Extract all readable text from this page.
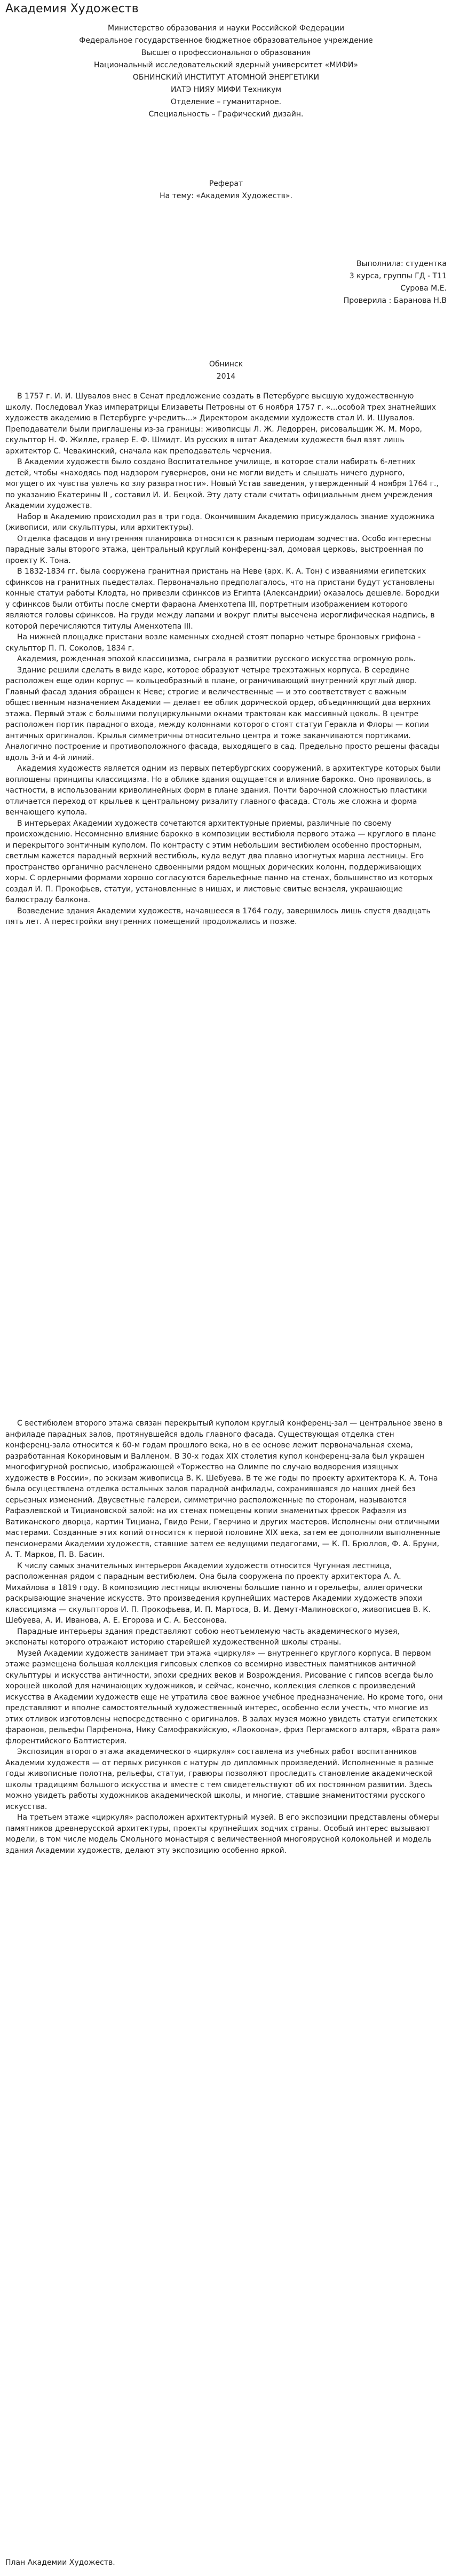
Академия Художеств
Министерство образования и науки Российской Федерации
Федеральное государственное бюджетное образовательное учреждение
Высшего профессионального образования
Национальный исследовательский ядерный университет «МИФИ»
ОБНИНСКИЙ ИНСТИТУТ АТОМНОЙ ЭНЕРГЕТИКИ
ИАТЭ НИЯУ МИФИ Техникум
Отделение – гуманитарное.
Специальность – Графический дизайн.
Реферат
На тему: «Академия Художеств».
Выполнила: студентка
3 курса, группы ГД - Т11
Сурова М.Е.
Проверила : Баранова Н.В
Обнинск
2014

В 1757 г. И. И. Шувалов внес в Сенат предложение создать в Петербурге высшую художественную школу. Последовал Указ императрицы Елизаветы Петровны от 6 ноября 1757 г. «...особой трех знатнейших художеств академию в Петербурге учредить...» Директором академии художеств стал И. И. Шувалов. Преподаватели были приглашены из-за границы: живописцы Л. Ж. Ледоррен, рисовальщик Ж. М. Моро, скульптор Н. Ф. Жилле, гравер Е. Ф. Шмидт. Из русских в штат Академии художеств был взят лишь архитектор С. Чевакинский, сначала как преподаватель черчения.

В Академии художеств было создано Воспитательное училище, в которое стали набирать 6-летних детей, чтобы «находясь под надзором гувернеров, они не могли видеть и слышать ничего дурного, могущего их чувства увлечь ко злу развратности». Новый Устав заведения, утвержденный 4 ноября 1764 г., по указанию Екатерины II , составил И. И. Бецкой. Эту дату стали считать официальным днем учреждения Академии художеств.

Набор в Академию происходил раз в три года. Окончившим Академию присуждалось звание художника (живописи, или скульптуры, или архитектуры).

Отделка фасадов и внутренняя планировка относятся к разным периодам зодчества. Особо интересны парадные залы второго этажа, центральный круглый конференц-зал, домовая церковь, выстроенная по проекту К. Тона.

В 1832-1834 гг. была сооружена гранитная пристань на Неве (арх. К. А. Тон) с изваяниями египетских сфинксов на гранитных пьедесталах. Первоначально предполагалось, что на пристани будут установлены конные статуи работы Клодта, но привезли сфинксов из Египта (Александрии) оказалось дешевле. Бородки у сфинксов были отбиты после смерти фараона Аменхотепа III, портретным изображением которого являются головы сфинксов. На груди между лапами и вокруг плиты высечена иероглифическая надпись, в которой перечисляются титулы Аменхотепа III.

На нижней площадке пристани возле каменных сходней стоят попарно четыре бронзовых грифона - скульптор П. П. Соколов, 1834 г.

Академия, рожденная эпохой классицизма, сыграла в развитии русского искусства огромную роль.

Здание решили сделать в виде каре, которое образуют четыре трехэтажных корпуса. В середине расположен еще один корпус — кольцеобразный в плане, ограничивающий внутренний круглый двор. Главный фасад здания обращен к Неве; строгие и величественные — и это соответствует с важным общественным назначением Академии — делает ее облик дорической ордер, объединяющий два верхних этажа. Первый этаж с большими полуциркульными окнами трактован как массивный цоколь. В центре расположен портик парадного входа, между колоннами которого стоят статуи Геракла и Флоры — копии античных оригиналов. Крылья симметричны относительно центра и тоже заканчиваются портиками. Аналогично построение и противоположного фасада, выходящего в сад. Предельно просто решены фасады вдоль 3-й и 4-й линий.

Академия художеств является одним из первых петербургских сооружений, в архитектуре которых были воплощены принципы классицизма. Но в облике здания ощущается и влияние барокко. Оно проявилось, в частности, в использовании криволинейных форм в плане здания. Почти барочной сложностью пластики отличается переход от крыльев к центральному ризалиту главного фасада. Столь же сложна и форма венчающего купола.

В интерьерах Академии художеств сочетаются архитектурные приемы, различные по своему происхождению. Несомненно влияние барокко в композиции вестибюля первого этажа — круглого в плане и перекрытого зонтичным куполом. По контрасту с этим небольшим вестибюлем особенно просторным, светлым кажется парадный верхний вестибюль, куда ведут два плавно изогнутых марша лестницы. Его пространство органично расчленено сдвоенными рядом мощных дорических колонн, поддерживающих хоры. С ордерными формами хорошо согласуются барельефные панно на стенах, большинство из которых создал И. П. Прокофьев, статуи, установленные в нишах, и листовые свитые вензеля, украшающие балюстраду балкона.

Возведение здания Академии художеств, начавшееся в 1764 году, завершилось лишь спустя двадцать пять лет. А перестройки внутренних помещений продолжались и позже.

С вестибюлем второго этажа связан перекрытый куполом круглый конференц-зал — центральное звено в анфиладе парадных залов, протянувшейся вдоль главного фасада. Существующая отделка стен конференц-зала относится к 60-м годам прошлого века, но в ее основе лежит первоначальная схема, разработанная Кокориновым и Валленом. В 30-х годах XIX столетия купол конференц-зала был украшен многофигурной росписью, изображающей «Торжество на Олимпе по случаю водворения изящных художеств в России», по эскизам живописца В. К. Шебуева. В те же годы по проекту архитектора К. А. Тона была осуществлена отделка остальных залов парадной анфилады, сохранившаяся до наших дней без серьезных изменений. Двусветные галереи, симметрично расположенные по сторонам, называются Рафаэлевской и Тициановской залой: на их стенах помещены копии знаменитых фресок Рафаэля из Ватиканского дворца, картин Тициана, Гвидо Рени, Гверчино и других мастеров. Исполнены они отличными мастерами. Созданные этих копий относится к первой половине XIX века, затем ее дополнили выполненные пенсионерами Академии художеств, ставшие затем ее ведущими педагогами, — К. П. Брюллов, Ф. А. Бруни, А. Т. Марков, П. В. Басин.

К числу самых значительных интерьеров Академии художеств относится Чугунная лестница, расположенная рядом с парадным вестибюлем. Она была сооружена по проекту архитектора А. А. Михайлова в 1819 году. В композицию лестницы включены большие панно и горельефы, аллегорически раскрывающие значение искусств. Это произведения крупнейших мастеров Академии художеств эпохи классицизма — скульпторов И. П. Прокофьева, И. П. Мартоса, В. И. Демут-Малиновского, живописцев В. К. Шебуева, А. И. Иванова, А. Е. Егорова и С. А. Бессонова.

Парадные интерьеры здания представляют собою неотъемлемую часть академического музея, экспонаты которого отражают историю старейшей художественной школы страны.

Музей Академии художеств занимает три этажа «циркуля» — внутреннего круглого корпуса. В первом этаже размещена большая коллекция гипсовых слепков со всемирно известных памятников античной скульптуры и искусства античности, эпохи средних веков и Возрождения. Рисование с гипсов всегда было хорошей школой для начинающих художников, и сейчас, конечно, коллекция слепков с произведений искусства в Академии художеств еще не утратила свое важное учебное предназначение. Но кроме того, они представляют и вполне самостоятельный художественный интерес, особенно если учесть, что многие из этих отливок изготовлены непосредственно с оригиналов. В залах музея можно увидеть статуи египетских фараонов, рельефы Парфенона, Нику Самофракийскую, «Лаокоона», фриз Пергамского алтаря, «Врата рая» флорентийского Баптистерия.

Экспозиция второго этажа академического «циркуля» составлена из учебных работ воспитанников Академии художеств — от первых рисунков с натуры до дипломных произведений. Исполненные в разные годы живописные полотна, рельефы, статуи, гравюры позволяют проследить становление академической школы традициям большого искусства и вместе с тем свидетельствуют об их постоянном развитии. Здесь можно увидеть работы художников академической школы, и многие, ставшие знаменитостями русского искусства.

На третьем этаже «циркуля» расположен архитектурный музей. В его экспозиции представлены обмеры памятников древнерусской архитектуры, проекты крупнейших зодчих страны. Особый интерес вызывают модели, в том числе модель Смольного монастыря с величественной многоярусной колокольней и модель здания Академии художеств, делают эту экспозицию особенно яркой.

План Академии Художеств.
